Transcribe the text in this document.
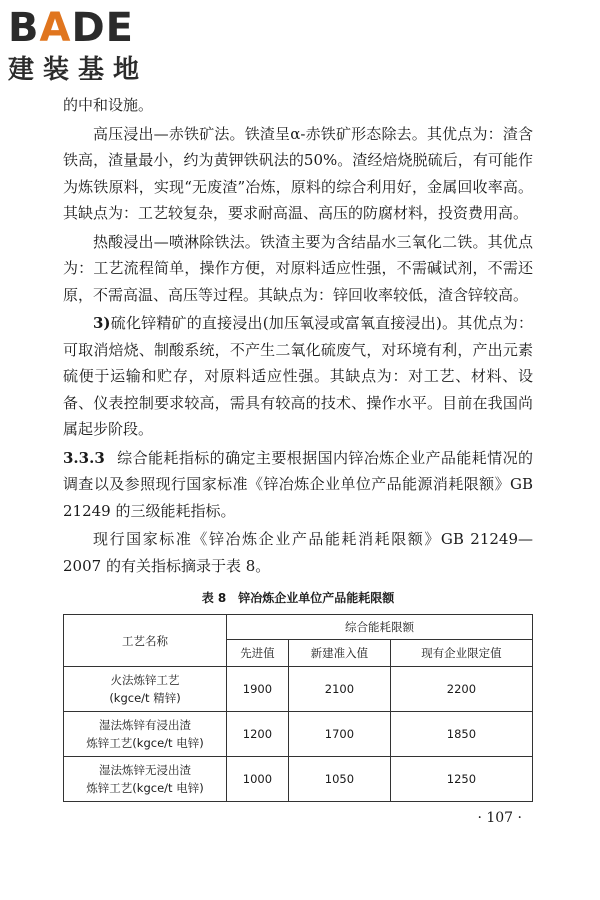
BADE
建装基地

的中和设施。

高压浸出—赤铁矿法。铁渣呈α-赤铁矿形态除去。其优点为：渣含铁高，渣量最小，约为黄钾铁矾法的50%。渣经焙烧脱硫后，有可能作为炼铁原料，实现“无废渣”冶炼，原料的综合利用好，金属回收率高。其缺点为：工艺较复杂，要求耐高温、高压的防腐材料，投资费用高。

热酸浸出—喷淋除铁法。铁渣主要为含结晶水三氧化二铁。其优点为：工艺流程简单，操作方便，对原料适应性强，不需碱试剂，不需还原，不需高温、高压等过程。其缺点为：锌回收率较低，渣含锌较高。

3)硫化锌精矿的直接浸出(加压氧浸或富氧直接浸出)。其优点为：可取消焙烧、制酸系统，不产生二氧化硫废气，对环境有利，产出元素硫便于运输和贮存，对原料适应性强。其缺点为：对工艺、材料、设备、仪表控制要求较高，需具有较高的技术、操作水平。目前在我国尚属起步阶段。

3.3.3 综合能耗指标的确定主要根据国内锌冶炼企业产品能耗情况的调查以及参照现行国家标准《锌冶炼企业单位产品能源消耗限额》GB 21249 的三级能耗指标。

现行国家标准《锌冶炼企业产品能耗消耗限额》GB 21249—2007 的有关指标摘录于表 8。

表 8 锌冶炼企业单位产品能耗限额
工艺名称	综合能耗限额		
	先进值	新建准入值	现有企业限定值

火法炼锌工艺
(kgce/t 精锌)	1900	2100	2200

湿法炼锌有浸出渣
炼锌工艺(kgce/t 电锌)	1200	1700	1850

湿法炼锌无浸出渣
炼锌工艺(kgce/t 电锌)	1000	1050	1250
· 107 ·
